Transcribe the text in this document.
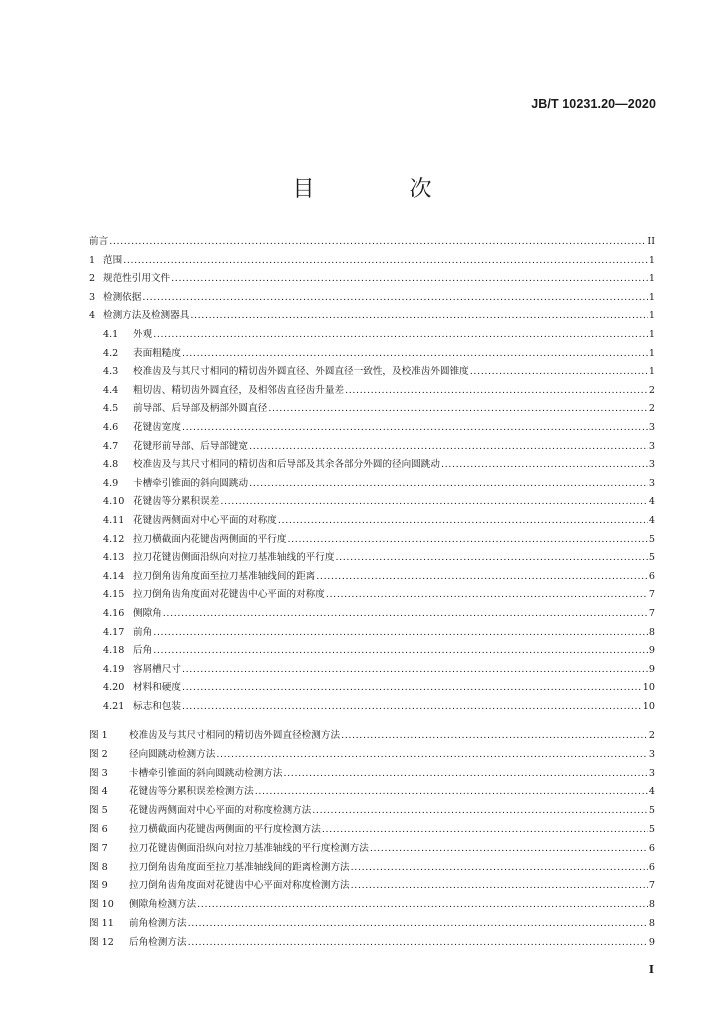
JB/T 10231.20—2020
目 次
前言 .....	II
1 范围 .....	1
2 规范性引用文件 .....	1
3 检测依据 .....	1
4 检测方法及检测器具 .....	1
4.1	外观 .....	1
4.2	表面粗糙度 .....	1
4.3	校准齿及与其尺寸相同的精切齿外圆直径、外圆直径一致性，及校准齿外圆锥度 .....	1
4.4	粗切齿、精切齿外圆直径，及相邻齿直径齿升量差 .....	2
4.5	前导部、后导部及柄部外圆直径 .....	2
4.6	花键齿宽度 .....	3
4.7	花键形前导部、后导部键宽 .....	3
4.8	校准齿及与其尺寸相同的精切齿和后导部及其余各部分外圆的径向圆跳动 .....	3
4.9	卡槽牵引锥面的斜向圆跳动 .....	3
4.10 花键齿等分累积误差 .....	4
4.11 花键齿两侧面对中心平面的对称度 .....	4
4.12 拉刀横截面内花键齿两侧面的平行度 .....	5
4.13 拉刀花键齿侧面沿纵向对拉刀基准轴线的平行度 .....	5
4.14 拉刀倒角齿角度面至拉刀基准轴线间的距离 .....	6
4.15 拉刀倒角齿角度面对花键齿中心平面的对称度 .....	7
4.16 侧隙角 .....	7
4.17 前角 .....	8
4.18 后角 .....	9
4.19 容屑槽尺寸 .....	9
4.20 材料和硬度 .....	10
4.21 标志和包装 .....	10
图 1	校准齿及与其尺寸相同的精切齿外圆直径检测方法 .....	2
图 2	径向圆跳动检测方法 .....	3
图 3	卡槽牵引锥面的斜向圆跳动检测方法 .....	3
图 4	花键齿等分累积误差检测方法 .....	4
图 5	花键齿两侧面对中心平面的对称度检测方法 .....	5
图 6	拉刀横截面内花键齿两侧面的平行度检测方法 .....	5
图 7	拉刀花键齿侧面沿纵向对拉刀基准轴线的平行度检测方法 .....	6
图 8	拉刀倒角齿角度面至拉刀基准轴线间的距离检测方法 .....	6
图 9	拉刀倒角齿角度面对花键齿中心平面对称度检测方法 .....	7
图 10	侧隙角检测方法 .....	8
图 11	前角检测方法 .....	8
图 12	后角检测方法 .....	9
I
